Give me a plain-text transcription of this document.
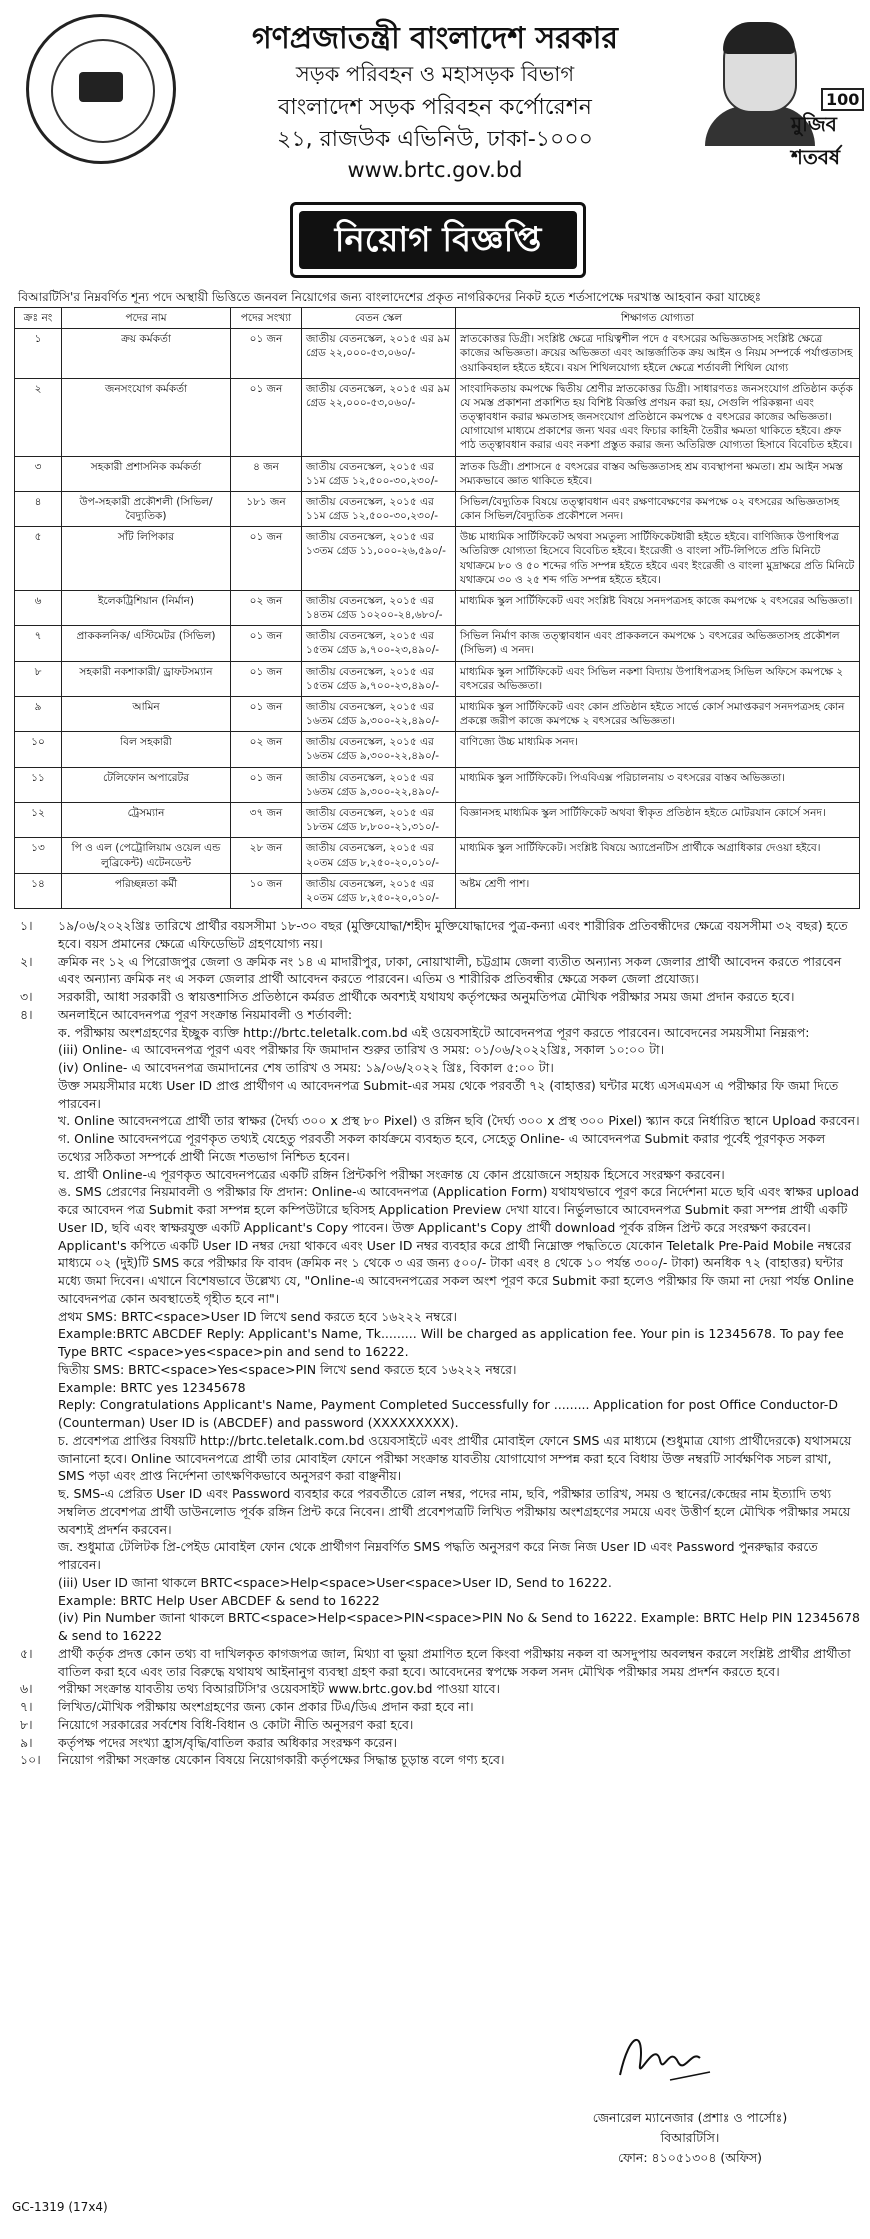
মুজিব শতবর্ষ
100
গণপ্রজাতন্ত্রী বাংলাদেশ সরকার
সড়ক পরিবহন ও মহাসড়ক বিভাগ
বাংলাদেশ সড়ক পরিবহন কর্পোরেশন
২১, রাজউক এভিনিউ, ঢাকা-১০০০
www.brtc.gov.bd
নিয়োগ বিজ্ঞপ্তি
বিআরটিসি'র নিম্নবর্ণিত শূন্য পদে অস্থায়ী ভিত্তিতে জনবল নিয়োগের জন্য বাংলাদেশের প্রকৃত নাগরিকদের নিকট হতে শর্তসাপেক্ষে দরখাস্ত আহবান করা যাচ্ছেঃ
ক্রঃ নং	পদের নাম	পদের সংখ্যা	বেতন স্কেল	শিক্ষাগত যোগ্যতা
১	ক্রয় কর্মকর্তা	০১ জন	জাতীয় বেতনস্কেল, ২০১৫ এর ৯ম গ্রেড ২২,০০০-৫৩,০৬০/-	স্নাতকোত্তর ডিগ্রী। সংশ্লিষ্ট ক্ষেত্রে দায়িত্বশীল পদে ৫ বৎসরের অভিজ্ঞতাসহ সংশ্লিষ্ট ক্ষেত্রে কাজের অভিজ্ঞতা। ক্রয়ের অভিজ্ঞতা এবং আন্তর্জাতিক ক্রয় আইন ও নিয়ম সম্পর্কে পর্যাপ্ততাসহ ওয়াকিবহাল হইতে হইবে। বয়স শিথিলযোগ্য হইলে ক্ষেত্রে শর্তাবলী শিথিল যোগ্য
২	জনসংযোগ কর্মকর্তা	০১ জন	জাতীয় বেতনস্কেল, ২০১৫ এর ৯ম গ্রেড ২২,০০০-৫৩,০৬০/-	সাংবাদিকতায় কমপক্ষে দ্বিতীয় শ্রেণীর স্নাতকোত্তর ডিগ্রী। সাধারণতঃ জনসংযোগ প্রতিষ্ঠান কর্তৃক যে সমস্ত প্রকাশনা প্রকাশিত হয় বিশিষ্ট বিজ্ঞপ্তি প্রণয়ন করা হয়, সেগুলি পরিকল্পনা এবং তত্ত্বাবধান করার ক্ষমতাসহ জনসংযোগ প্রতিষ্ঠানে কমপক্ষে ৫ বৎসরের কাজের অভিজ্ঞতা। যোগাযোগ মাধ্যমে প্রকাশের জন্য খবর এবং ফিচার কাহিনী তৈরীর ক্ষমতা থাকিতে হইবে। প্রুফ পাঠ তত্ত্বাবধান করার এবং নকশা প্রস্তুত করার জন্য অতিরিক্ত যোগ্যতা হিসাবে বিবেচিত হইবে।
৩	সহকারী প্রশাসনিক কর্মকর্তা	৪ জন	জাতীয় বেতনস্কেল, ২০১৫ এর ১১ম গ্রেড ১২,৫০০-৩০,২৩০/-	স্নাতক ডিগ্রী। প্রশাসনে ৫ বৎসরের বাস্তব অভিজ্ঞতাসহ শ্রম ব্যবস্থাপনা ক্ষমতা। শ্রম আইন সমস্ত সম্যকভাবে জ্ঞাত থাকিতে হইবে।
৪	উপ-সহকারী প্রকৌশলী (সিভিল/ বৈদ্যুতিক)	১৮১ জন	জাতীয় বেতনস্কেল, ২০১৫ এর ১১ম গ্রেড ১২,৫০০-৩০,২৩০/-	সিভিল/বৈদ্যুতিক বিষয়ে তত্ত্বাবধান এবং রক্ষণাবেক্ষণের কমপক্ষে ০২ বৎসরের অভিজ্ঞতাসহ কোন সিভিল/বৈদ্যুতিক প্রকৌশলে সনদ।
৫	সাঁট লিপিকার	০১ জন	জাতীয় বেতনস্কেল, ২০১৫ এর ১৩তম গ্রেড ১১,০০০-২৬,৫৯০/-	উচ্চ মাধ্যমিক সার্টিফিকেট অথবা সমতুল্য সার্টিফিকেটধারী হইতে হইবে। বাণিজ্যিক উপাধিপত্র অতিরিক্ত যোগ্যতা হিসেবে বিবেচিত হইবে। ইংরেজী ও বাংলা সাঁট-লিপিতে প্রতি মিনিটে যথাক্রমে ৮০ ও ৫০ শব্দের গতি সম্পন্ন হইতে হইবে এবং ইংরেজী ও বাংলা মুদ্রাক্ষরে প্রতি মিনিটে যথাক্রমে ৩০ ও ২৫ শব্দ গতি সম্পন্ন হইতে হইবে।
৬	ইলেকট্রিশিয়ান (নির্মান)	০২ জন	জাতীয় বেতনস্কেল, ২০১৫ এর ১৪তম গ্রেড ১০২০০-২৪,৬৮০/-	মাধ্যমিক স্কুল সার্টিফিকেট এবং সংশ্লিষ্ট বিষয়ে সনদপত্রসহ কাজে কমপক্ষে ২ বৎসরের অভিজ্ঞতা।
৭	প্রাককলনিক/ এস্টিমেটর (সিভিল)	০১ জন	জাতীয় বেতনস্কেল, ২০১৫ এর ১৫তম গ্রেড ৯,৭০০-২৩,৪৯০/-	সিভিল নির্মাণ কাজ তত্ত্বাবধান এবং প্রাককলনে কমপক্ষে ১ বৎসরের অভিজ্ঞতাসহ প্রকৌশল (সিভিল) এ সনদ।
৮	সহকারী নকশাকারী/ ড্রাফটসম্যান	০১ জন	জাতীয় বেতনস্কেল, ২০১৫ এর ১৫তম গ্রেড ৯,৭০০-২৩,৪৯০/-	মাধ্যমিক স্কুল সার্টিফিকেট এবং সিভিল নকশা বিদ্যায় উপাধিপত্রসহ সিভিল অফিসে কমপক্ষে ২ বৎসরের অভিজ্ঞতা।
৯	আমিন	০১ জন	জাতীয় বেতনস্কেল, ২০১৫ এর ১৬তম গ্রেড ৯,৩০০-২২,৪৯০/-	মাধ্যমিক স্কুল সার্টিফিকেট এবং কোন প্রতিষ্ঠান হইতে সার্ভে কোর্স সমাপ্তকরণ সনদপত্রসহ কোন প্রকল্পে জরীপ কাজে কমপক্ষে ২ বৎসরের অভিজ্ঞতা।
১০	বিল সহকারী	০২ জন	জাতীয় বেতনস্কেল, ২০১৫ এর ১৬তম গ্রেড ৯,৩০০-২২,৪৯০/-	বাণিজ্যে উচ্চ মাধ্যমিক সনদ।
১১	টেলিফোন অপারেটর	০১ জন	জাতীয় বেতনস্কেল, ২০১৫ এর ১৬তম গ্রেড ৯,৩০০-২২,৪৯০/-	মাধ্যমিক স্কুল সার্টিফিকেট। পিএবিএক্স পরিচালনায় ৩ বৎসরের বাস্তব অভিজ্ঞতা।
১২	ট্রেসম্যান	৩৭ জন	জাতীয় বেতনস্কেল, ২০১৫ এর ১৮তম গ্রেড ৮,৮০০-২১,৩১০/-	বিজ্ঞানসহ মাধ্যমিক স্কুল সার্টিফিকেট অথবা স্বীকৃত প্রতিষ্ঠান হইতে মোটরযান কোর্সে সনদ।
১৩	পি ও এল (পেট্রোলিয়াম ওয়েল এন্ড লুব্রিকেন্ট) এটেনডেন্ট	২৮ জন	জাতীয় বেতনস্কেল, ২০১৫ এর ২০তম গ্রেড ৮,২৫০-২০,০১০/-	মাধ্যমিক স্কুল সার্টিফিকেট। সংশ্লিষ্ট বিষয়ে অ্যাপ্রেনটিস প্রার্থীকে অগ্রাধিকার দেওয়া হইবে।
১৪	পরিচ্ছন্নতা কর্মী	১০ জন	জাতীয় বেতনস্কেল, ২০১৫ এর ২০তম গ্রেড ৮,২৫০-২০,০১০/-	অষ্টম শ্রেণী পাশ।
১।	১৯/০৬/২০২২খ্রিঃ তারিখে প্রার্থীর বয়সসীমা ১৮-৩০ বছর (মুক্তিযোদ্ধা/শহীদ মুক্তিযোদ্ধাদের পুত্র-কন্যা এবং শারীরিক প্রতিবন্ধীদের ক্ষেত্রে বয়সসীমা ৩২ বছর) হতে হবে। বয়স প্রমানের ক্ষেত্রে এফিডেভিট গ্রহণযোগ্য নয়।

২।	ক্রমিক নং ১২ এ পিরোজপুর জেলা ও ক্রমিক নং ১৪ এ মাদারীপুর, ঢাকা, নোয়াখালী, চট্টগ্রাম জেলা ব্যতীত অন্যান্য সকল জেলার প্রার্থী আবেদন করতে পারবেন এবং অন্যান্য ক্রমিক নং এ সকল জেলার প্রার্থী আবেদন করতে পারবেন। এতিম ও শারীরিক প্রতিবন্ধীর ক্ষেত্রে সকল জেলা প্রযোজ্য।

৩।	সরকারী, আধা সরকারী ও স্বায়ত্তশাসিত প্রতিষ্ঠানে কর্মরত প্রার্থীকে অবশ্যই যথাযথ কর্তৃপক্ষের অনুমতিপত্র মৌখিক পরীক্ষার সময় জমা প্রদান করতে হবে।

৪।	অনলাইনে আবেদনপত্র পূরণ সংক্রান্ত নিয়মাবলী ও শর্তাবলী:

ক. পরীক্ষায় অংশগ্রহণের ইচ্ছুক ব্যক্তি http://brtc.teletalk.com.bd এই ওয়েবসাইটে আবেদনপত্র পূরণ করতে পারবেন। আবেদনের সময়সীমা নিম্নরূপ:

(iii) Online- এ আবেদনপত্র পূরণ এবং পরীক্ষার ফি জমাদান শুরুর তারিখ ও সময়: ০১/০৬/২০২২খ্রিঃ, সকাল ১০:০০ টা।

(iv) Online- এ আবেদনপত্র জমাদানের শেষ তারিখ ও সময়: ১৯/০৬/২০২২ খ্রিঃ, বিকাল ৫:০০ টা।

উক্ত সময়সীমার মধ্যে User ID প্রাপ্ত প্রার্থীগণ এ আবেদনপত্র Submit-এর সময় থেকে পরবর্তী ৭২ (বাহাত্তর) ঘন্টার মধ্যে এসএমএস এ পরীক্ষার ফি জমা দিতে পারবেন।

খ. Online আবেদনপত্রে প্রার্থী তার স্বাক্ষর (দৈর্ঘ্য ৩০০ x প্রস্থ ৮০ Pixel) ও রঙ্গিন ছবি (দৈর্ঘ্য ৩০০ x প্রস্থ ৩০০ Pixel) স্ক্যান করে নির্ধারিত স্থানে Upload করবেন।

গ. Online আবেদনপত্রে পূরণকৃত তথ্যই যেহেতু পরবর্তী সকল কার্যক্রমে ব্যবহৃত হবে, সেহেতু Online- এ আবেদনপত্র Submit করার পূর্বেই পূরণকৃত সকল তথ্যের সঠিকতা সম্পর্কে প্রার্থী নিজে শতভাগ নিশ্চিত হবেন।

ঘ. প্রার্থী Online-এ পূরণকৃত আবেদনপত্রের একটি রঙ্গিন প্রিন্টকপি পরীক্ষা সংক্রান্ত যে কোন প্রয়োজনে সহায়ক হিসেবে সংরক্ষণ করবেন।

ঙ. SMS প্রেরণের নিয়মাবলী ও পরীক্ষার ফি প্রদান: Online-এ আবেদনপত্র (Application Form) যথাযথভাবে পূরণ করে নির্দেশনা মতে ছবি এবং স্বাক্ষর upload করে আবেদন পত্র Submit করা সম্পন্ন হলে কম্পিউটারে ছবিসহ Application Preview দেখা যাবে। নির্ভুলভাবে আবেদনপত্র Submit করা সম্পন্ন প্রার্থী একটি User ID, ছবি এবং স্বাক্ষরযুক্ত একটি Applicant's Copy পাবেন। উক্ত Applicant's Copy প্রার্থী download পূর্বক রঙ্গিন প্রিন্ট করে সংরক্ষণ করবেন। Applicant's কপিতে একটি User ID নম্বর দেয়া থাকবে এবং User ID নম্বর ব্যবহার করে প্রার্থী নিম্নোক্ত পদ্ধতিতে যেকোন Teletalk Pre-Paid Mobile নম্বরের মাধ্যমে ০২ (দুই)টি SMS করে পরীক্ষার ফি বাবদ (ক্রমিক নং ১ থেকে ৩ এর জন্য ৫০০/- টাকা এবং ৪ থেকে ১০ পর্যন্ত ৩০০/- টাকা) অনধিক ৭২ (বাহাত্তর) ঘন্টার মধ্যে জমা দিবেন। এখানে বিশেষভাবে উল্লেখ্য যে, "Online-এ আবেদনপত্রের সকল অংশ পূরণ করে Submit করা হলেও পরীক্ষার ফি জমা না দেয়া পর্যন্ত Online আবেদনপত্র কোন অবস্থাতেই গৃহীত হবে না"।

প্রথম SMS: BRTC<space>User ID লিখে send করতে হবে ১৬২২২ নম্বরে।

Example:BRTC ABCDEF Reply: Applicant's Name, Tk......... Will be charged as application fee. Your pin is 12345678. To pay fee Type BRTC <space>yes<space>pin and send to 16222.

দ্বিতীয় SMS: BRTC<space>Yes<space>PIN লিখে send করতে হবে ১৬২২২ নম্বরে।

Example: BRTC yes 12345678

Reply: Congratulations Applicant's Name, Payment Completed Successfully for ......... Application for post Office Conductor-D (Counterman) User ID is (ABCDEF) and password (XXXXXXXXX).

চ. প্রবেশপত্র প্রাপ্তির বিষয়টি http://brtc.teletalk.com.bd ওয়েবসাইটে এবং প্রার্থীর মোবাইল ফোনে SMS এর মাধ্যমে (শুধুমাত্র যোগ্য প্রার্থীদেরকে) যথাসময়ে জানানো হবে। Online আবেদনপত্রে প্রার্থী তার মোবাইল ফোনে পরীক্ষা সংক্রান্ত যাবতীয় যোগাযোগ সম্পন্ন করা হবে বিধায় উক্ত নম্বরটি সার্বক্ষণিক সচল রাখা, SMS পড়া এবং প্রাপ্ত নির্দেশনা তাৎক্ষণিকভাবে অনুসরণ করা বাঞ্ছনীয়।

ছ. SMS-এ প্রেরিত User ID এবং Password ব্যবহার করে পরবর্তীতে রোল নম্বর, পদের নাম, ছবি, পরীক্ষার তারিখ, সময় ও স্থানের/কেন্দ্রের নাম ইত্যাদি তথ্য সম্বলিত প্রবেশপত্র প্রার্থী ডাউনলোড পূর্বক রঙ্গিন প্রিন্ট করে নিবেন। প্রার্থী প্রবেশপত্রটি লিখিত পরীক্ষায় অংশগ্রহণের সময়ে এবং উত্তীর্ণ হলে মৌখিক পরীক্ষার সময়ে অবশ্যই প্রদর্শন করবেন।

জ. শুধুমাত্র টেলিটক প্রি-পেইড মোবাইল ফোন থেকে প্রার্থীগণ নিম্নবর্ণিত SMS পদ্ধতি অনুসরণ করে নিজ নিজ User ID এবং Password পুনরুদ্ধার করতে পারবেন।

(iii) User ID জানা থাকলে BRTC<space>Help<space>User<space>User ID, Send to 16222.

Example: BRTC Help User ABCDEF & send to 16222

(iv) Pin Number জানা থাকলে BRTC<space>Help<space>PIN<space>PIN No & Send to 16222. Example: BRTC Help PIN 12345678 & send to 16222

৫।	প্রার্থী কর্তৃক প্রদত্ত কোন তথ্য বা দাখিলকৃত কাগজপত্র জাল, মিথ্যা বা ভুয়া প্রমাণিত হলে কিংবা পরীক্ষায় নকল বা অসদুপায় অবলম্বন করলে সংশ্লিষ্ট প্রার্থীর প্রার্থীতা বাতিল করা হবে এবং তার বিরুদ্ধে যথাযথ আইনানুগ ব্যবস্থা গ্রহণ করা হবে। আবেদনের স্বপক্ষে সকল সনদ মৌখিক পরীক্ষার সময় প্রদর্শন করতে হবে।

৬।	পরীক্ষা সংক্রান্ত যাবতীয় তথ্য বিআরটিসি'র ওয়েবসাইট www.brtc.gov.bd পাওয়া যাবে।

৭।	লিখিত/মৌখিক পরীক্ষায় অংশগ্রহণের জন্য কোন প্রকার টিএ/ডিএ প্রদান করা হবে না।

৮।	নিয়োগে সরকারের সর্বশেষ বিধি-বিধান ও কোটা নীতি অনুসরণ করা হবে।

৯।	কর্তৃপক্ষ পদের সংখ্যা হ্রাস/বৃদ্ধি/বাতিল করার অধিকার সংরক্ষণ করেন।

১০।	নিয়োগ পরীক্ষা সংক্রান্ত যেকোন বিষয়ে নিয়োগকারী কর্তৃপক্ষের সিদ্ধান্ত চূড়ান্ত বলে গণ্য হবে।

জেনারেল ম্যানেজার (প্রশাঃ ও পার্সোঃ)
বিআরটিসি।
ফোন: ৪১০৫১৩০৪ (অফিস)
GC-1319 (17x4)
